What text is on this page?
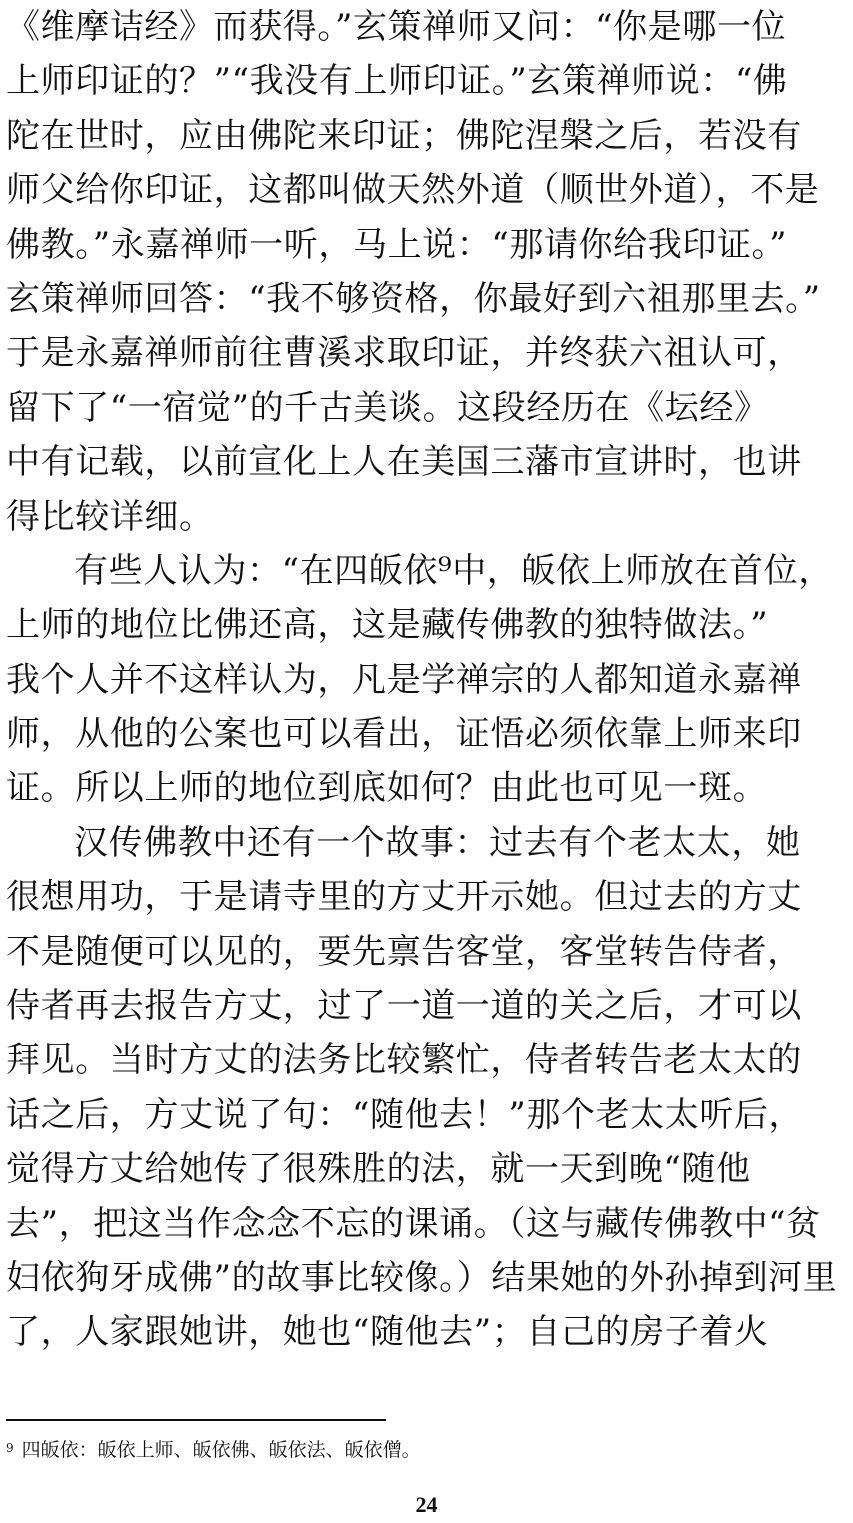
《维摩诘经》而获得。”玄策禅师又问：“你是哪一位
上师印证的？”“我没有上师印证。”玄策禅师说：“佛
陀在世时，应由佛陀来印证；佛陀涅槃之后，若没有
师父给你印证，这都叫做天然外道（顺世外道），不是
佛教。”永嘉禅师一听，马上说：“那请你给我印证。”
玄策禅师回答：“我不够资格，你最好到六祖那里去。”
于是永嘉禅师前往曹溪求取印证，并终获六祖认可，
留下了“一宿觉”的千古美谈。这段经历在《坛经》
中有记载，以前宣化上人在美国三藩市宣讲时，也讲
得比较详细。
有些人认为：“在四皈依⁹中，皈依上师放在首位，
上师的地位比佛还高，这是藏传佛教的独特做法。”
我个人并不这样认为，凡是学禅宗的人都知道永嘉禅
师，从他的公案也可以看出，证悟必须依靠上师来印
证。所以上师的地位到底如何？由此也可见一斑。
汉传佛教中还有一个故事：过去有个老太太，她
很想用功，于是请寺里的方丈开示她。但过去的方丈
不是随便可以见的，要先禀告客堂，客堂转告侍者，
侍者再去报告方丈，过了一道一道的关之后，才可以
拜见。当时方丈的法务比较繁忙，侍者转告老太太的
话之后，方丈说了句：“随他去！”那个老太太听后，
觉得方丈给她传了很殊胜的法，就一天到晚“随他
去”，把这当作念念不忘的课诵。（这与藏传佛教中“贫
妇依狗牙成佛”的故事比较像。）结果她的外孙掉到河里
了，人家跟她讲，她也“随他去”；自己的房子着火
$^9$ 四皈依：皈依上师、皈依佛、皈依法、皈依僧。
24
